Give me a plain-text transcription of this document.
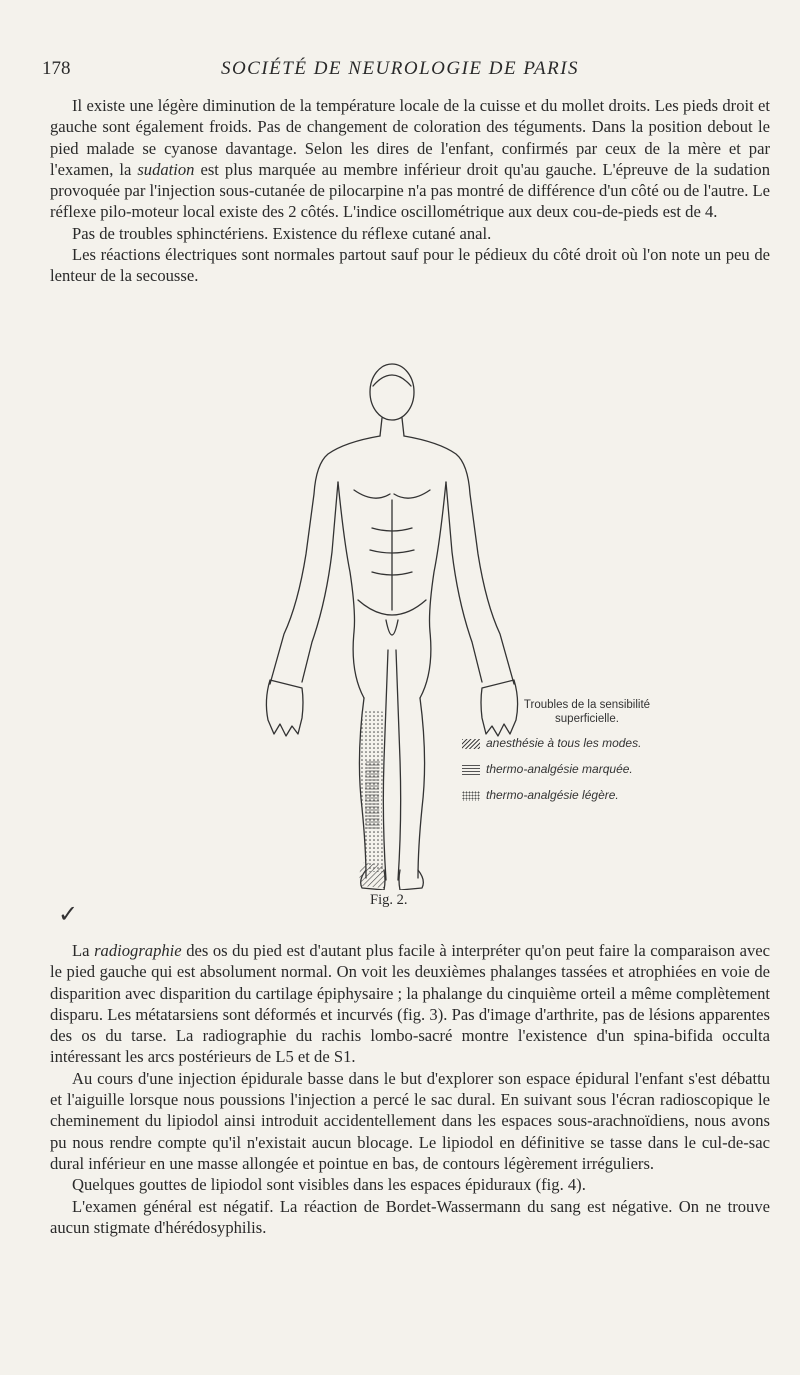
178	SOCIÉTÉ DE NEUROLOGIE DE PARIS

Il existe une légère diminution de la température locale de la cuisse et du mollet droits. Les pieds droit et gauche sont également froids. Pas de changement de coloration des téguments. Dans la position debout le pied malade se cyanose davantage. Selon les dires de l'enfant, confirmés par ceux de la mère et par l'examen, la sudation est plus marquée au membre inférieur droit qu'au gauche. L'épreuve de la sudation provoquée par l'injection sous-cutanée de pilocarpine n'a pas montré de différence d'un côté ou de l'autre. Le réflexe pilo-moteur local existe des 2 côtés. L'indice oscillométrique aux deux cou-de-pieds est de 4.

Pas de troubles sphinctériens. Existence du réflexe cutané anal.

Les réactions électriques sont normales partout sauf pour le pédieux du côté droit où l'on note un peu de lenteur de la secousse.

Troubles de la sensibilité
superficielle.
anesthésie à tous les modes.
thermo-analgésie marquée.
thermo-analgésie légère.
Fig. 2.
✓

La radiographie des os du pied est d'autant plus facile à interpréter qu'on peut faire la comparaison avec le pied gauche qui est absolument normal. On voit les deuxièmes phalanges tassées et atrophiées en voie de disparition avec disparition du cartilage épiphysaire ; la phalange du cinquième orteil a même complètement disparu. Les métatarsiens sont déformés et incurvés (fig. 3). Pas d'image d'arthrite, pas de lésions apparentes des os du tarse. La radiographie du rachis lombo-sacré montre l'existence d'un spina-bifida occulta intéressant les arcs postérieurs de L5 et de S1.

Au cours d'une injection épidurale basse dans le but d'explorer son espace épidural l'enfant s'est débattu et l'aiguille lorsque nous poussions l'injection a percé le sac dural. En suivant sous l'écran radioscopique le cheminement du lipiodol ainsi introduit accidentellement dans les espaces sous-arachnoïdiens, nous avons pu nous rendre compte qu'il n'existait aucun blocage. Le lipiodol en définitive se tasse dans le cul-de-sac dural inférieur en une masse allongée et pointue en bas, de contours légèrement irréguliers.

Quelques gouttes de lipiodol sont visibles dans les espaces épiduraux (fig. 4).

L'examen général est négatif. La réaction de Bordet-Wassermann du sang est négative. On ne trouve aucun stigmate d'hérédosyphilis.
